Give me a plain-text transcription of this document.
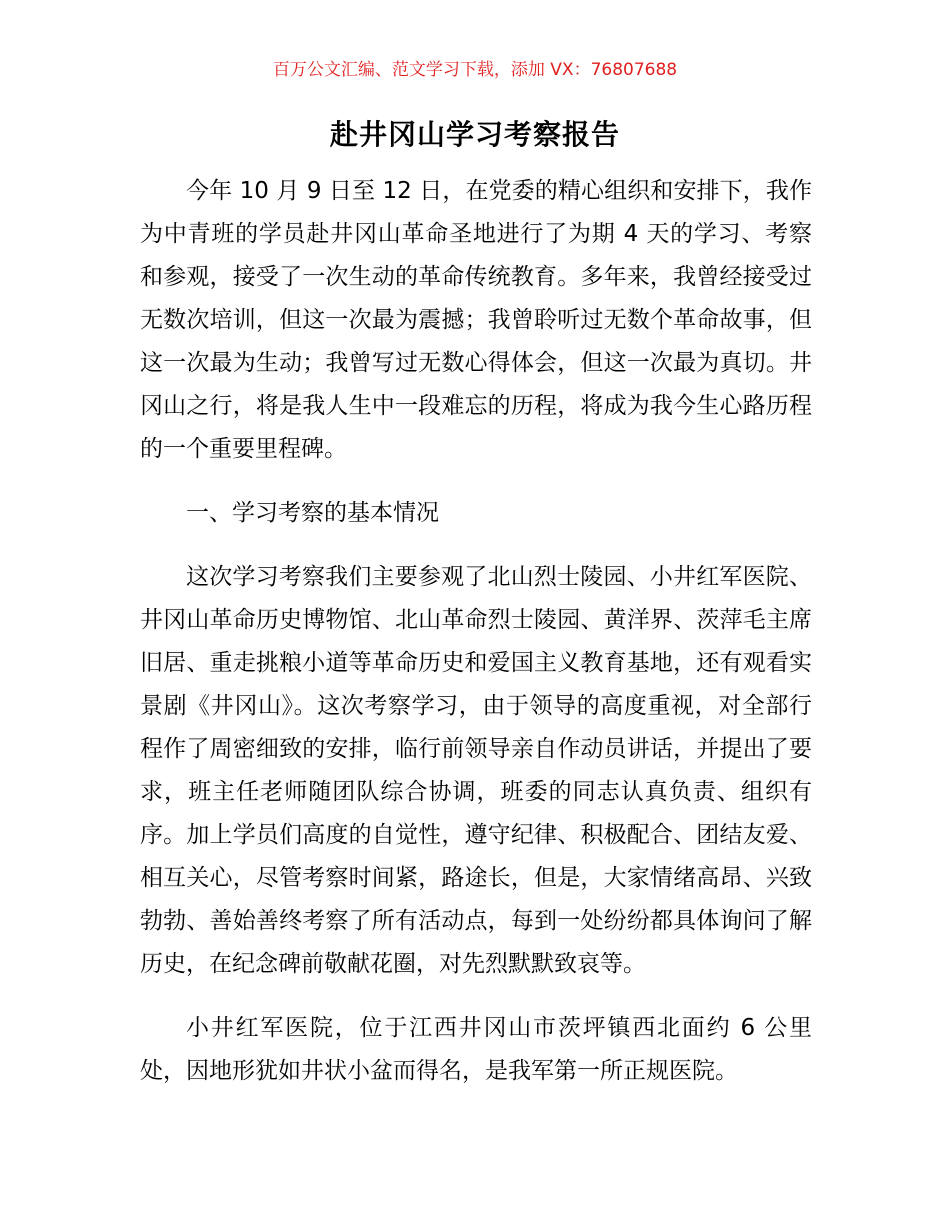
百万公文汇编、范文学习下载，添加 VX：76807688
赴井冈山学习考察报告

今年 10 月 9 日至 12 日，在党委的精心组织和安排下，我作为中青班的学员赴井冈山革命圣地进行了为期 4 天的学习、考察和参观，接受了一次生动的革命传统教育。多年来，我曾经接受过无数次培训，但这一次最为震撼；我曾聆听过无数个革命故事，但这一次最为生动；我曾写过无数心得体会，但这一次最为真切。井冈山之行，将是我人生中一段难忘的历程，将成为我今生心路历程的一个重要里程碑。

一、学习考察的基本情况

这次学习考察我们主要参观了北山烈士陵园、小井红军医院、井冈山革命历史博物馆、北山革命烈士陵园、黄洋界、茨萍毛主席旧居、重走挑粮小道等革命历史和爱国主义教育基地，还有观看实景剧《井冈山》。这次考察学习，由于领导的高度重视，对全部行程作了周密细致的安排，临行前领导亲自作动员讲话，并提出了要求，班主任老师随团队综合协调，班委的同志认真负责、组织有序。加上学员们高度的自觉性，遵守纪律、积极配合、团结友爱、相互关心，尽管考察时间紧，路途长，但是，大家情绪高昂、兴致勃勃、善始善终考察了所有活动点，每到一处纷纷都具体询问了解历史，在纪念碑前敬献花圈，对先烈默默致哀等。

小井红军医院，位于江西井冈山市茨坪镇西北面约 6 公里处，因地形犹如井状小盆而得名，是我军第一所正规医院。
